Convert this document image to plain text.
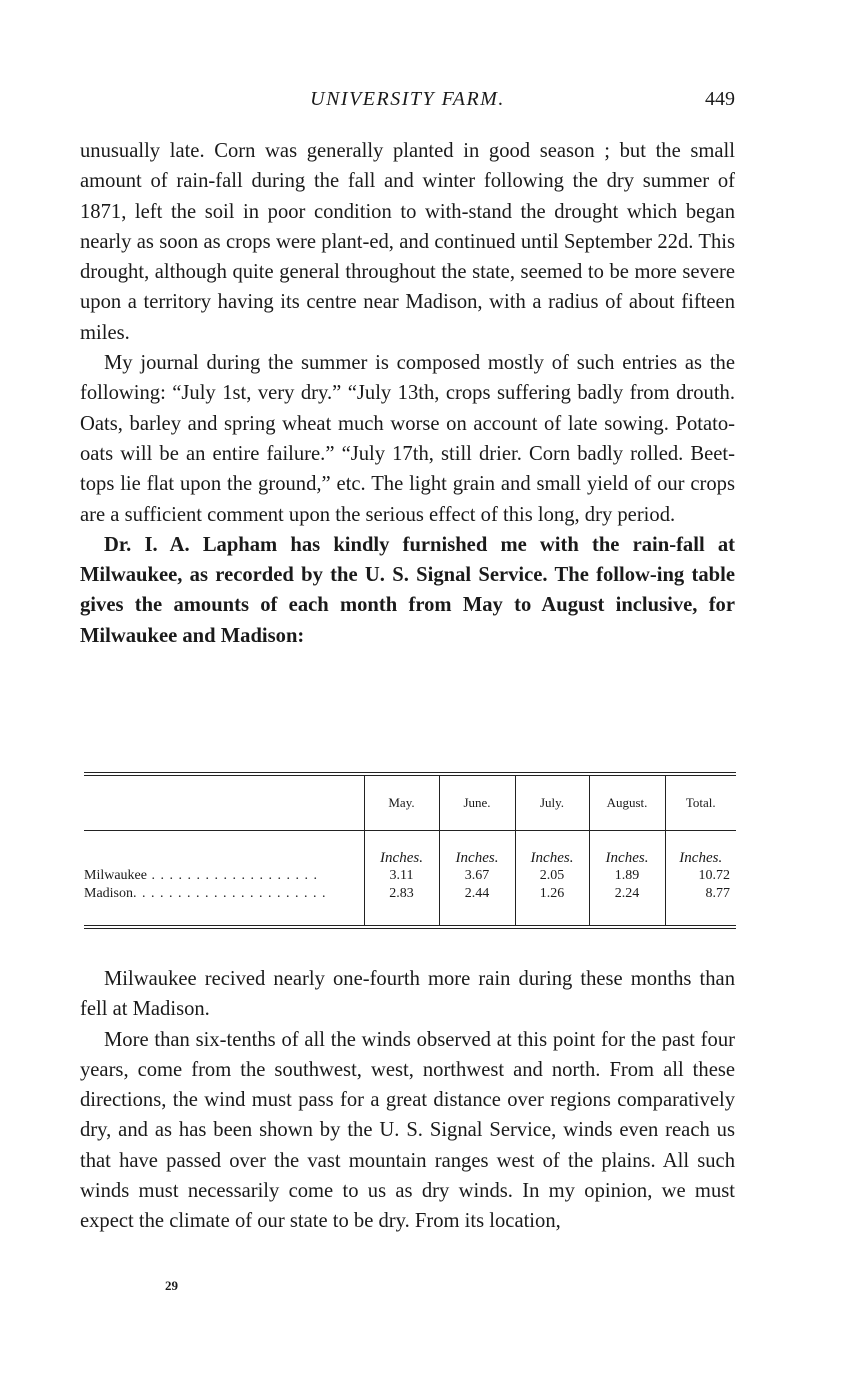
UNIVERSITY FARM.	449

unusually late. Corn was generally planted in good season ; but the small amount of rain-fall during the fall and winter following the dry summer of 1871, left the soil in poor condition to with-stand the drought which began nearly as soon as crops were plant-ed, and continued until September 22d. This drought, although quite general throughout the state, seemed to be more severe upon a territory having its centre near Madison, with a radius of about fifteen miles.

My journal during the summer is composed mostly of such entries as the following: “July 1st, very dry.” “July 13th, crops suffering badly from drouth. Oats, barley and spring wheat much worse on account of late sowing. Potato-oats will be an entire failure.” “July 17th, still drier. Corn badly rolled. Beet-tops lie flat upon the ground,” etc. The light grain and small yield of our crops are a sufficient comment upon the serious effect of this long, dry period.

Dr. I. A. Lapham has kindly furnished me with the rain-fall at Milwaukee, as recorded by the U. S. Signal Service. The follow-ing table gives the amounts of each month from May to August inclusive, for Milwaukee and Madison:

	May.	June.	July.	August.	Total.
	Inches.	Inches.	Inches.	Inches.	Inches.
Milwaukee . . . . . . . . . . . . . . . . . . .	3.11	3.67	2.05	1.89	10.72
Madison. . . . . . . . . . . . . . . . . . . . . .	2.83	2.44	1.26	2.24	8.77

Milwaukee recived nearly one-fourth more rain during these months than fell at Madison.

More than six-tenths of all the winds observed at this point for the past four years, come from the southwest, west, northwest and north. From all these directions, the wind must pass for a great distance over regions comparatively dry, and as has been shown by the U. S. Signal Service, winds even reach us that have passed over the vast mountain ranges west of the plains. All such winds must necessarily come to us as dry winds. In my opinion, we must expect the climate of our state to be dry. From its location,

29
